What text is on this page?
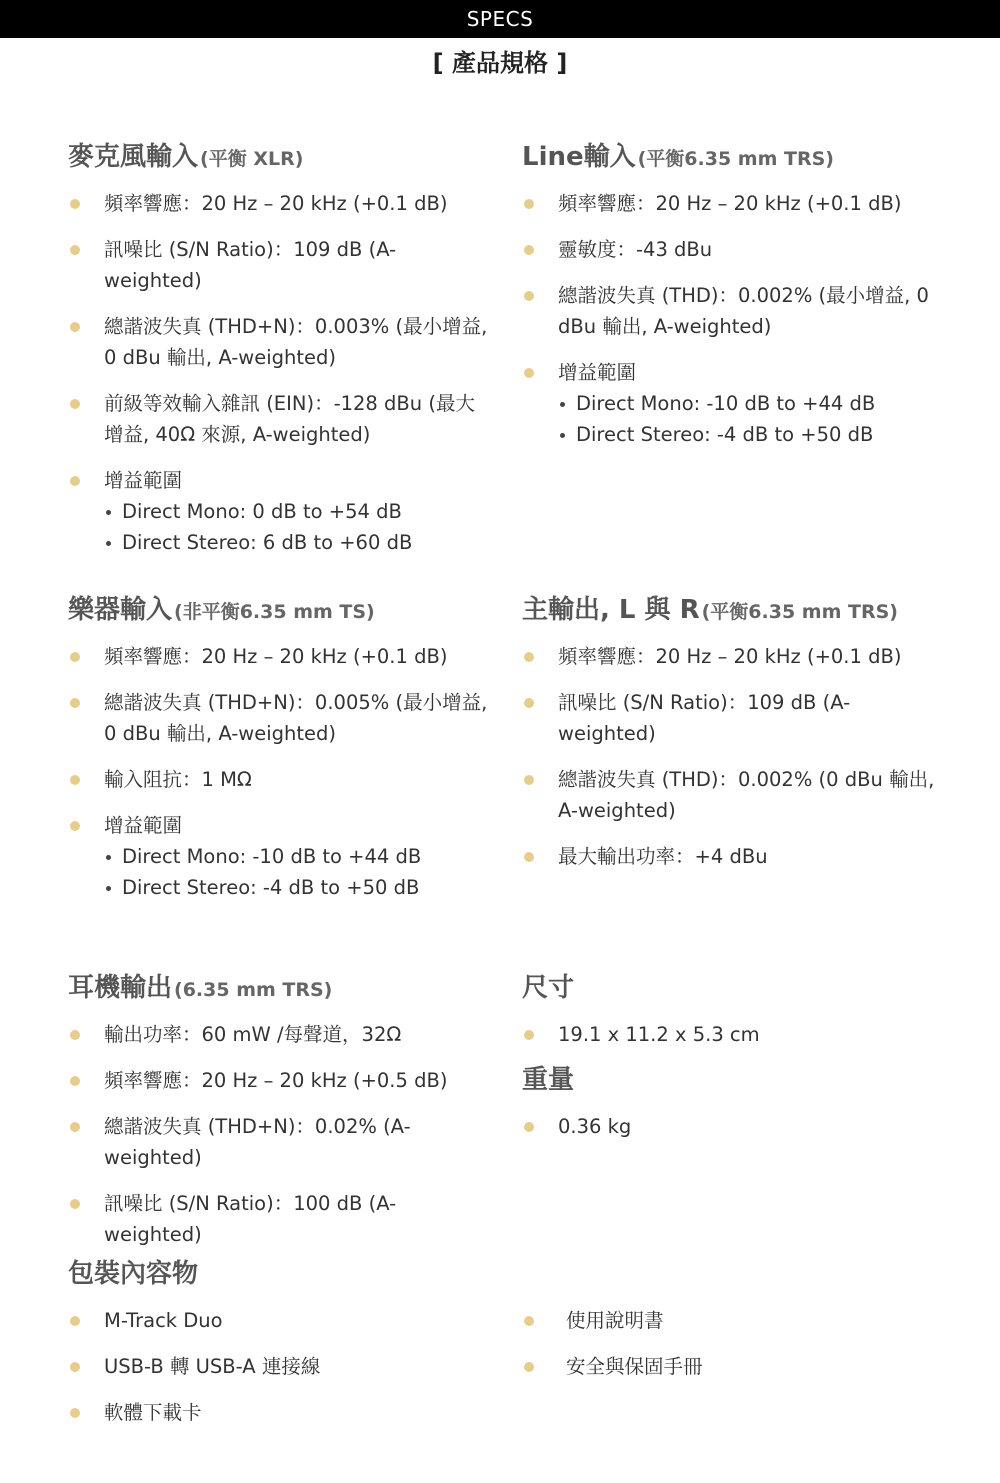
SPECS
[ 產品規格 ]
麥克風輸入 (平衡 XLR)
頻率響應：20 Hz – 20 kHz (+0.1 dB)
訊噪比 (S/N Ratio)：109 dB (A-weighted)
總諧波失真 (THD+N)：0.003% (最小增益, 0 dBu 輸出, A-weighted)
前級等效輸入雜訊 (EIN)：-128 dBu (最大增益, 40Ω 來源, A-weighted)
增益範圍
Direct Mono: 0 dB to +54 dB
Direct Stereo: 6 dB to +60 dB
Line輸入 (平衡6.35 mm TRS)
頻率響應：20 Hz – 20 kHz (+0.1 dB)
靈敏度：-43 dBu
總諧波失真 (THD)：0.002% (最小增益, 0 dBu 輸出, A-weighted)
增益範圍
Direct Mono: -10 dB to +44 dB
Direct Stereo: -4 dB to +50 dB
樂器輸入 (非平衡6.35 mm TS)
頻率響應：20 Hz – 20 kHz (+0.1 dB)
總諧波失真 (THD+N)：0.005% (最小增益, 0 dBu 輸出, A-weighted)
輸入阻抗：1 MΩ
增益範圍
Direct Mono: -10 dB to +44 dB
Direct Stereo: -4 dB to +50 dB
主輸出, L 與 R (平衡6.35 mm TRS)
頻率響應：20 Hz – 20 kHz (+0.1 dB)
訊噪比 (S/N Ratio)：109 dB (A-weighted)
總諧波失真 (THD)：0.002% (0 dBu 輸出, A-weighted)
最大輸出功率：+4 dBu
耳機輸出 (6.35 mm TRS)
輸出功率：60 mW /每聲道，32Ω
頻率響應：20 Hz – 20 kHz (+0.5 dB)
總諧波失真 (THD+N)：0.02% (A-weighted)
訊噪比 (S/N Ratio)：100 dB (A-weighted)
尺寸
19.1 x 11.2 x 5.3 cm
重量
0.36 kg
包裝內容物
M-Track Duo
USB-B 轉 USB-A 連接線
軟體下載卡
使用說明書
安全與保固手冊
